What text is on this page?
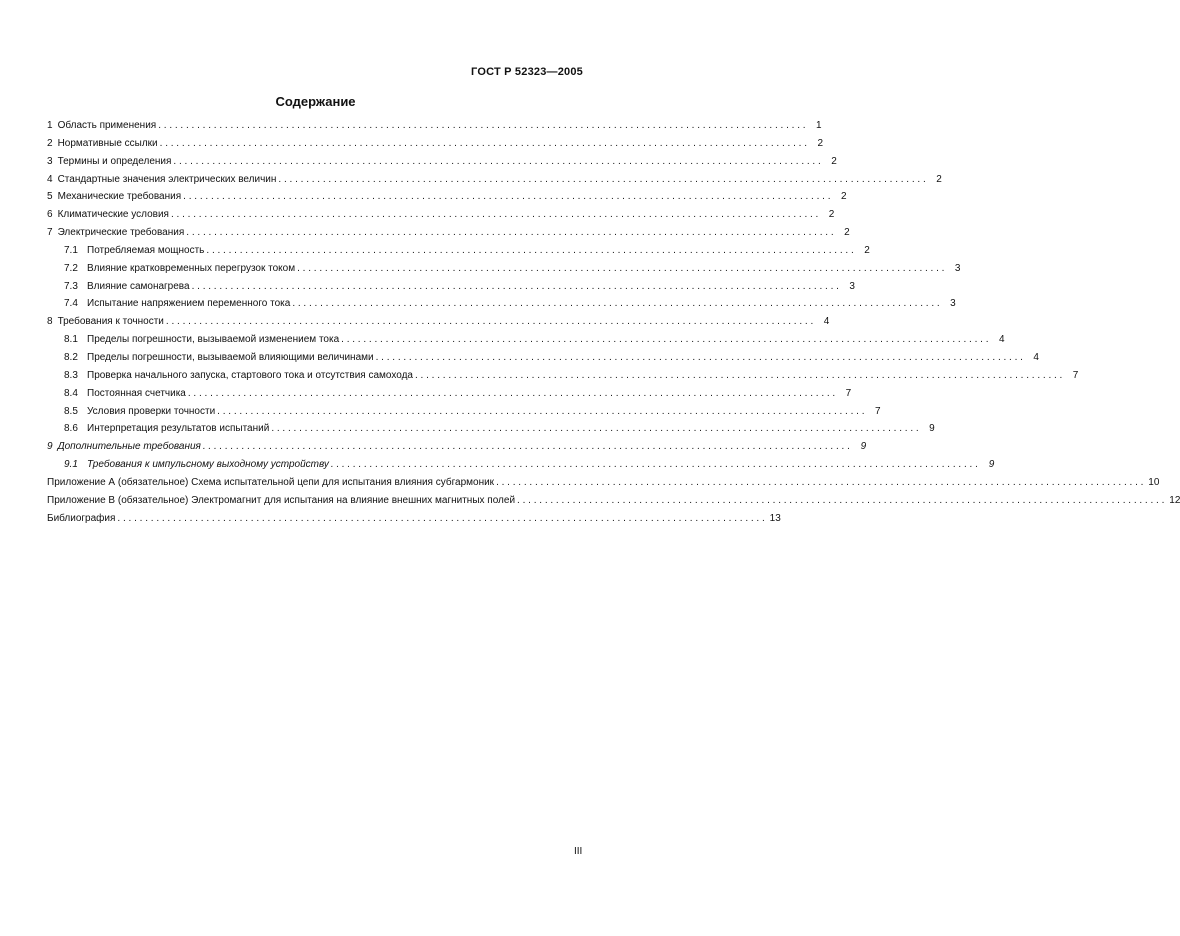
ГОСТ Р 52323—2005
Содержание
1 Область применения . . .	1
2 Нормативные ссылки . . .	2
3 Термины и определения . . .	2
4 Стандартные значения электрических величин . . .	2
5 Механические требования . . .	2
6 Климатические условия . . .	2
7 Электрические требования . . .	2
7.1 Потребляемая мощность . . .	2
7.2 Влияние кратковременных перегрузок током . . .	3
7.3 Влияние самонагрева . . .	3
7.4 Испытание напряжением переменного тока . . .	3
8 Требования к точности . . .	4
8.1 Пределы погрешности, вызываемой изменением тока . . .	4
8.2 Пределы погрешности, вызываемой влияющими величинами . . .	4
8.3 Проверка начального запуска, стартового тока и отсутствия самохода . . .	7
8.4 Постоянная счетчика . . .	7
8.5 Условия проверки точности . . .	7
8.6 Интерпретация результатов испытаний . . .	9
9 Дополнительные требования . . .	9
9.1 Требования к импульсному выходному устройству . . .	9
Приложение А (обязательное) Схема испытательной цепи для испытания влияния субгармоник . . .	10
Приложение В (обязательное) Электромагнит для испытания на влияние внешних магнитных полей . . .	12
Библиография . . .	13
III
